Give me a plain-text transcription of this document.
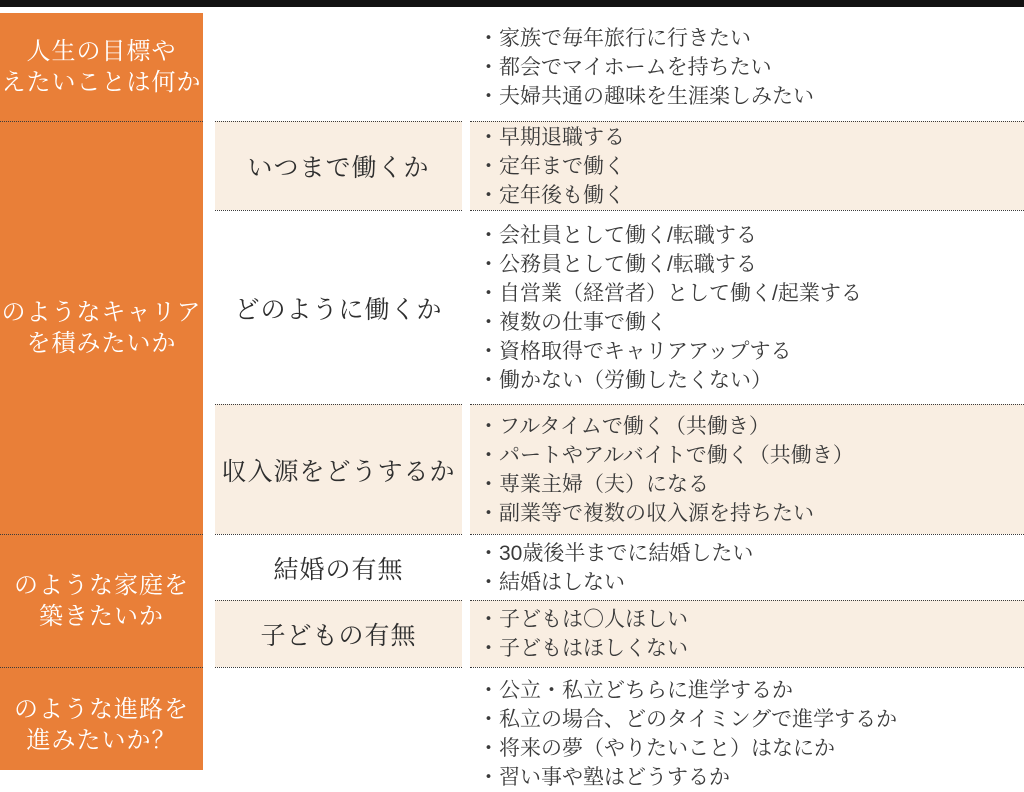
人生の目標や
えたいことは何か
のようなキャリア
を積みたいか
のような家庭を
築きたいか
のような進路を
進みたいか？
いつまで働くか
どのように働くか
収入源をどうするか
結婚の有無
子どもの有無
・家族で毎年旅行に行きたい
・都会でマイホームを持ちたい
・夫婦共通の趣味を生涯楽しみたい
・早期退職する
・定年まで働く
・定年後も働く
・会社員として働く/転職する
・公務員として働く/転職する
・自営業（経営者）として働く/起業する
・複数の仕事で働く
・資格取得でキャリアアップする
・働かない（労働したくない）
・フルタイムで働く（共働き）
・パートやアルバイトで働く（共働き）
・専業主婦（夫）になる
・副業等で複数の収入源を持ちたい
・30歳後半までに結婚したい
・結婚はしない
・子どもは〇人ほしい
・子どもはほしくない
・公立・私立どちらに進学するか
・私立の場合、どのタイミングで進学するか
・将来の夢（やりたいこと）はなにか
・習い事や塾はどうするか
